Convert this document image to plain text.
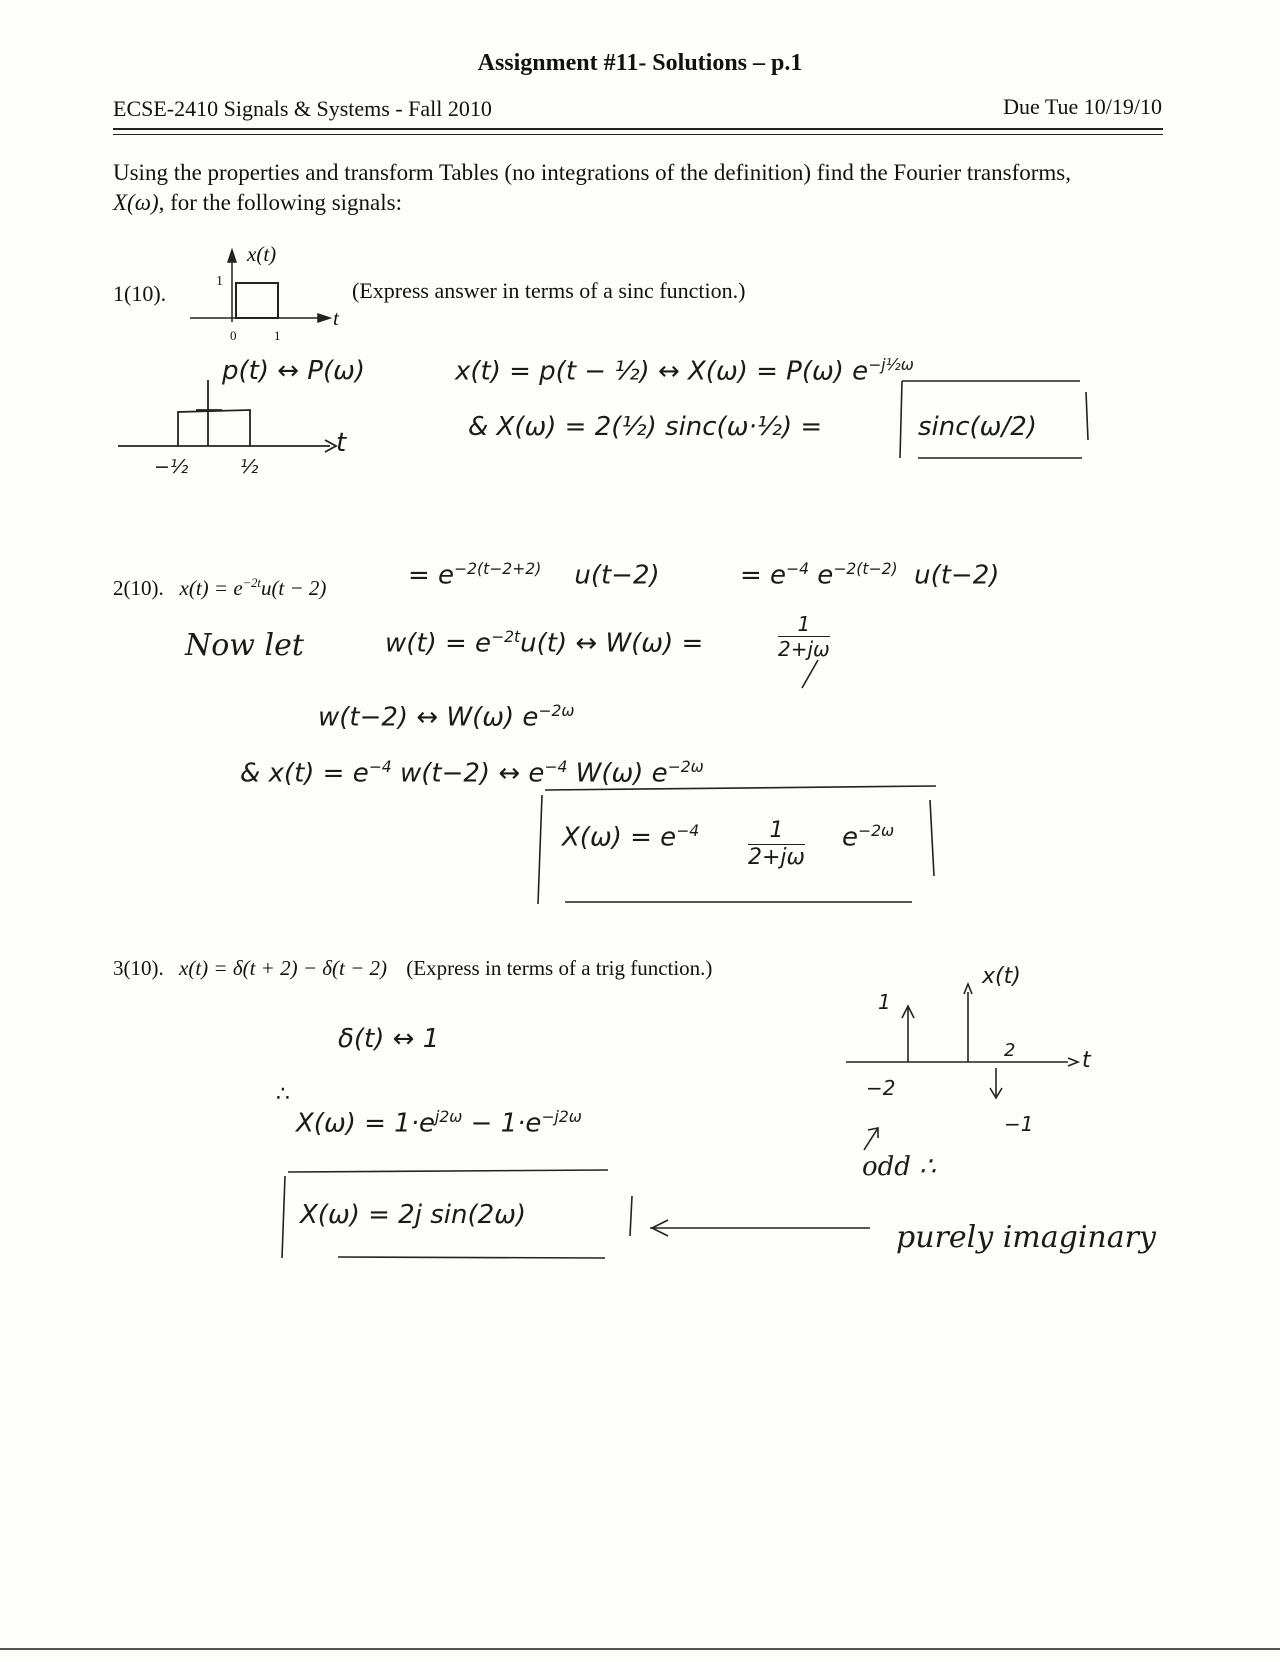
Assignment #11- Solutions – p.1
ECSE-2410 Signals & Systems - Fall 2010	Due Tue 10/19/10
Using the properties and transform Tables (no integrations of the definition) find the Fourier transforms,
X(ω), for the following signals:
1(10).
x(t)
t
1
0	1
(Express answer in terms of a sinc function.)
p(t) ↔ P(ω)	x(t) = p(t − ½) ↔ X(ω) = P(ω) $e^{-j\frac{1}{2}\omega}$
& X(ω) = 2(½) sinc(ω·½) =	sinc(ω/2)
t
−½	½
2(10). $x(t) = e^{-2t}u(t - 2)$	= $e^{-2(t-2+2)}$ u(t−2)	= $e^{-4}$ $e^{-2(t-2)}$ u(t−2)
Now let	$w(t) = e^{-2t}u(t)$ ↔ W(ω) =
1
2+jω
w(t−2) ↔ W(ω) $e^{-2\omega}$
& $x(t) = e^{-4}$ w(t−2) ↔ $e^{-4}$ W(ω) $e^{-2\omega}$
$X(\omega) = e^{-4}$	1
2+jω
$e^{-2\omega}$
3(10). x(t) = δ(t + 2) − δ(t − 2) (Express in terms of a trig function.)
δ(t) ↔ 1
∴
$X(\omega) = 1\cdot e^{j2\omega} - 1\cdot e^{-j2\omega}$
X(ω) = 2j sin(2ω)
x(t)
1
−2
2	t
−1
odd ∴
purely imaginary
